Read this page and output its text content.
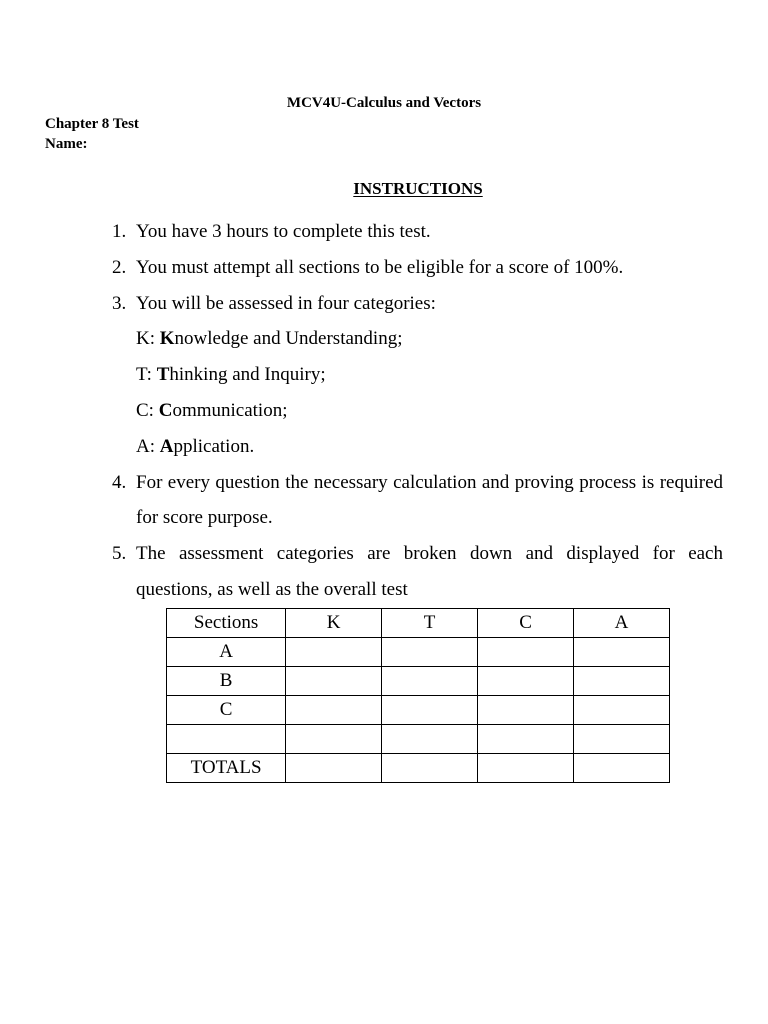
MCV4U-Calculus and Vectors
Chapter 8 Test
Name:
INSTRUCTIONS
1. You have 3 hours to complete this test.
2. You must attempt all sections to be eligible for a score of 100%.
3. You will be assessed in four categories:
K: Knowledge and Understanding;
T: Thinking and Inquiry;
C: Communication;
A: Application.
4. For every question the necessary calculation and proving process is required for score purpose.
5. The assessment categories are broken down and displayed for each questions, as well as the overall test
Sections	K	T	C	A
A				
B				
C				

TOTALS				
